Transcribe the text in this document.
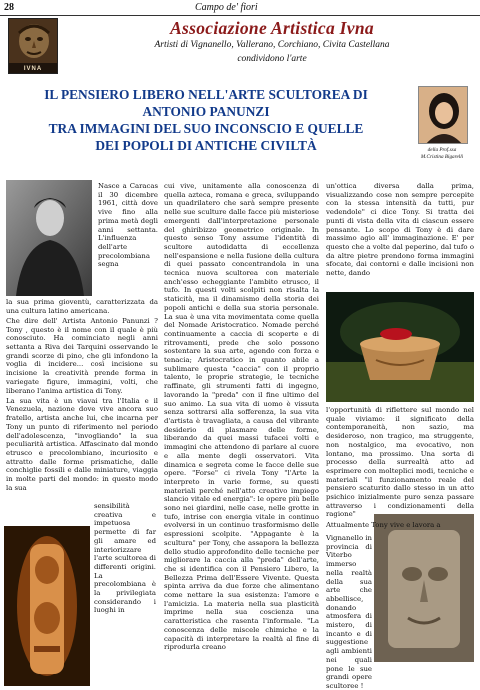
28	Campo de' fiori
IVNA
Associazione Artistica Ivna
Artisti di Vignanello, Vallerano, Corchiano, Civita Castellana
condividono l'arte
IL PENSIERO LIBERO NELL'ARTE SCULTOREA DI
ANTONIO PANUNZI
TRA IMMAGINI DEL SUO INCONSCIO E QUELLE
DEI POPOLI DI ANTICHE CIVILTÀ	della Prof.ssa
M.Cristina Bigarelli

Nasce a Caracas il 30 dicembre 1961, città dove vive fino alla prima metà degli anni settanta. L'influenza dell'arte precolombiana segna

la sua prima gioventù, caratterizzata da una cultura latino americana.

Che dire dell' Artista Antonio Panunzi ? Tony , questo è il nome con il quale è più conosciuto. Ha cominciato negli anni settanta a Riva dei Tarquini osservando le grandi scorze di pino, che gli infondono la voglia di incidere... così incisione su incisione la creatività prende forma in variegate figure, immagini, volti, che liberano l'anima artistica di Tony.

La sua vita è un viavai tra l'Italia e il Venezuela, nazione dove vive ancora suo fratello, artista anche lui, che incarna per Tony un punto di riferimento nel periodo dell'adolescenza, "invogliando" la sua peculiarità artistica. Affascinato dal mondo etrusco e precolombiano, incuriosito e attratto dalle forme prismatiche, dalle conchiglie fossili e dalle miniature, viaggia in molte parti del mondo: in questo modo la sua

sensibilità creativa e impetuosa permette di far gli amare ed interiorizzare l'arte scultorea di differenti origini. La precolombiana è la privilegiata considerando i luoghi in

cui vive, unitamente alla conoscenza di quella azteca, romana e greca, sviluppando un quadrilatero che sarà sempre presente nelle sue sculture dalle facce più misteriose emergenti dall'interpretazione personale del ghiribizzo geometrico originale. In questo senso Tony assume l'identità di scultore autodidatta di eccellenza nell'espansione e nella fusione della cultura di quei passato concentrandola in una tecnica nuova scultorea con materiale anch'esso echeggiante l'ambito etrusco, il tufo. In questi volti scolpiti non risalta la staticità, ma il dinamismo della storia dei popoli antichi e della sua storia personale. La sua è una vita movimentata come quella del Nomade Aristocratico. Nomade perché continuamente a caccia di scoperte e di ritrovamenti, prede che solo possono sostentare la sua arte, agendo con forza e tenacia; Aristocratico in quanto abile a sublimare questa "caccia" con il proprio talento, le proprie strategie, le tecniche raffinate, gli strumenti fatti di ingegno, lavorando la "preda" con il fine ultimo del suo animo. La sua vita di uomo è vissuta senza sottrarsi alla sofferenza, la sua vita d'artista è travagliata, a causa del vibrante desiderio di plasmare delle forme, liberando da quei massi tufacei volti e immagini che attendono di parlare al cuore e alla mente degli osservatori. Vita dinamica e segreta come le facce delle sue opere. "Forse" ci rivela Tony "l'Arte la interpreto in varie forme, su questi materiali perché nell'atto creativo impiego slancio vitale ed energia": le opere più belle sono nei giardini, nelle case, nelle grotte in tufo, intrise con energia vitale in continuo evolversi in un continuo trasformismo delle espressioni scolpite. "Appagante è la scultura" per Tony, che assapora la bellezza dello studio approfondito delle tecniche per migliorare la caccia alla "preda" dell'arte, che si identifica con il Pensiero Libero, la Bellezza Prima dell'Essere Vivente. Questa spinta arriva da due forze che alimentano come nettare la sua esistenza: l'amore e l'amicizia. La materia nella sua plasticità imprime nella sua coscienza una caratteristica che rasenta l'informale. "La conoscenza delle miscele chimiche e la capacità di interpretare la realtà al fine di riprodurla creano

un'ottica diversa dalla prima, visualizzando cose non sempre percepite con la stessa intensità da tutti, pur vedendole" ci dice Tony. Si tratta dei punti di vista della vita di ciascun essere pensante. Lo scopo di Tony è di dare massimo agio all' immaginazione. E' per questo che a volte dal peperino, dal tufo o da altre pietre prendono forma immagini sfocate, dai contorni e dalle incisioni non nette, dando

l'opportunità di riflettere sul mondo nel quale viviamo: il significato della contemporaneità, non sazio, ma desideroso, non tragico, ma struggente, non nostalgico, ma evocativo, non lontano, ma prossimo. Una sorta di processo della surrealtà atto ad esprimere con molteplici modi, tecniche e materiali "il funzionamento reale del pensiero scaturito dallo stesso in un atto psichico inizialmente puro senza passare attraverso i condizionamenti della ragione"

Attualmente Tony vive e lavora a

Vignanello in provincia di Viterbo immerso nella realtà della sua arte che abbellisce, donando atmosfera di mistero, di incanto e di suggestione agli ambienti nei quali pone le sue grandi opere scultoree !
